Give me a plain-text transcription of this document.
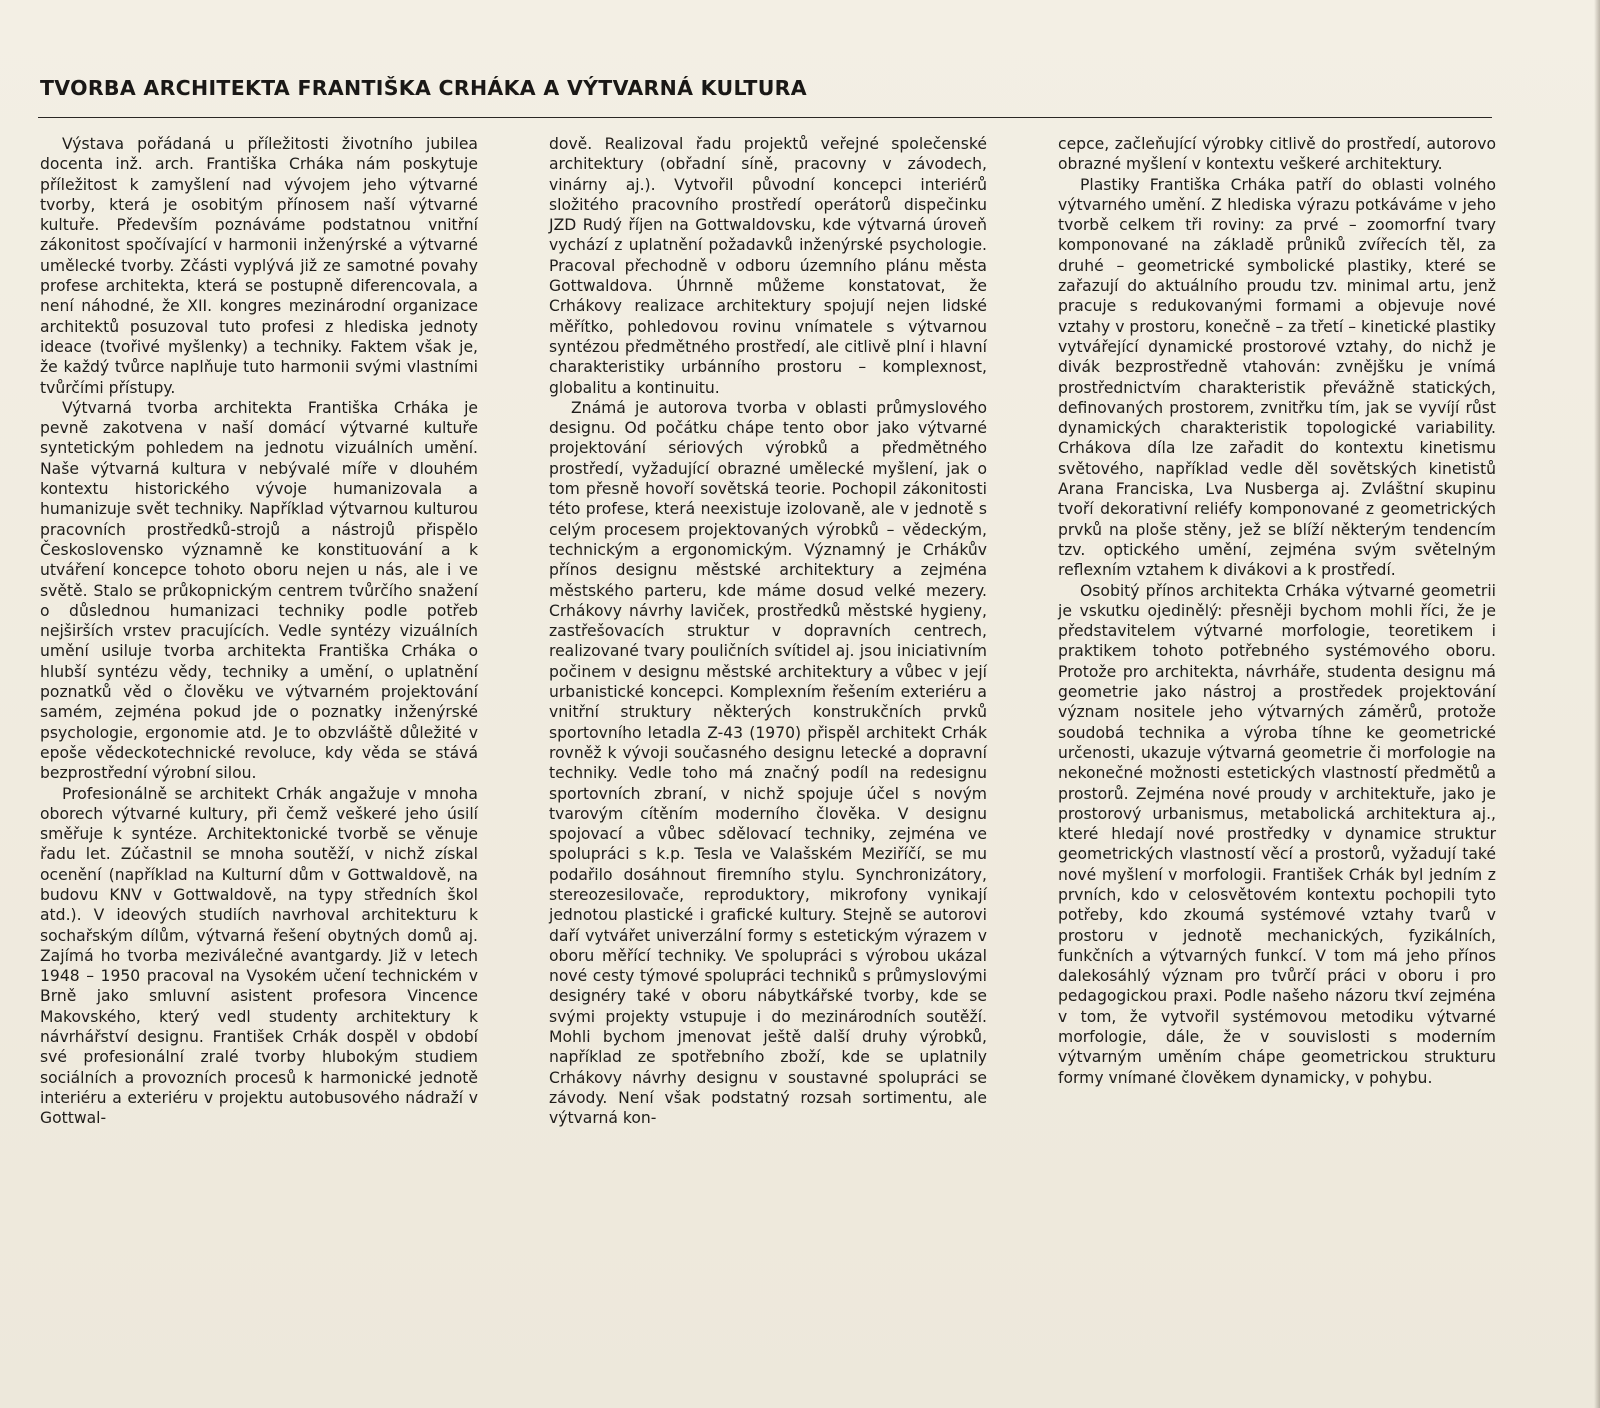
TVORBA ARCHITEKTA FRANTIŠKA CRHÁKA A VÝTVARNÁ KULTURA

Výstava pořádaná u příležitosti životního jubilea docenta inž. arch. Františka Crháka nám poskytuje příležitost k zamyšlení nad vývojem jeho výtvarné tvorby, která je osobitým přínosem naší výtvarné kultuře. Především poznáváme podstatnou vnitřní zákonitost spočívající v harmonii inženýrské a výtvarné umělecké tvorby. Zčásti vyplývá již ze samotné povahy profese architekta, která se postupně diferencovala, a není náhodné, že XII. kongres mezinárodní organizace architektů posuzoval tuto profesi z hlediska jednoty ideace (tvořivé myšlenky) a techniky. Faktem však je, že každý tvůrce naplňuje tuto harmonii svými vlastními tvůrčími přístupy.

Výtvarná tvorba architekta Františka Crháka je pevně zakotvena v naší domácí výtvarné kultuře syntetickým pohledem na jednotu vizuálních umění. Naše výtvarná kultura v nebývalé míře v dlouhém kontextu historického vývoje humanizovala a humanizuje svět techniky. Například výtvarnou kulturou pracovních prostředků-strojů a nástrojů přispělo Československo významně ke konstituování a k utváření koncepce tohoto oboru nejen u nás, ale i ve světě. Stalo se průkopnickým centrem tvůrčího snažení o důslednou humanizaci techniky podle potřeb nejširších vrstev pracujících. Vedle syntézy vizuálních umění usiluje tvorba architekta Františka Crháka o hlubší syntézu vědy, techniky a umění, o uplatnění poznatků věd o člověku ve výtvarném projektování samém, zejména pokud jde o poznatky inženýrské psychologie, ergonomie atd. Je to obzvláště důležité v epoše vědeckotechnické revoluce, kdy věda se stává bezprostřední výrobní silou.

Profesionálně se architekt Crhák angažuje v mnoha oborech výtvarné kultury, při čemž veškeré jeho úsilí směřuje k syntéze. Architektonické tvorbě se věnuje řadu let. Zúčastnil se mnoha soutěží, v nichž získal ocenění (například na Kulturní dům v Gottwaldově, na budovu KNV v Gottwaldově, na typy středních škol atd.). V ideových studiích navrhoval architekturu k sochařským dílům, výtvarná řešení obytných domů aj. Zajímá ho tvorba meziválečné avantgardy. Již v letech 1948 – 1950 pracoval na Vysokém učení technickém v Brně jako smluvní asistent profesora Vincence Makovského, který vedl studenty architektury k návrhářství designu. František Crhák dospěl v období své profesionální zralé tvorby hlubokým studiem sociálních a provozních procesů k harmonické jednotě interiéru a exteriéru v projektu autobusového nádraží v Gottwal-

dově. Realizoval řadu projektů veřejné společenské architektury (obřadní síně, pracovny v závodech, vinárny aj.). Vytvořil původní koncepci interiérů složitého pracovního prostředí operátorů dispečinku JZD Rudý říjen na Gottwaldovsku, kde výtvarná úroveň vychází z uplatnění požadavků inženýrské psychologie. Pracoval přechodně v odboru územního plánu města Gottwaldova. Úhrnně můžeme konstatovat, že Crhákovy realizace architektury spojují nejen lidské měřítko, pohledovou rovinu vnímatele s výtvarnou syntézou předmětného prostředí, ale citlivě plní i hlavní charakteristiky urbánního prostoru – komplexnost, globalitu a kontinuitu.

Známá je autorova tvorba v oblasti průmyslového designu. Od počátku chápe tento obor jako výtvarné projektování sériových výrobků a předmětného prostředí, vyžadující obrazné umělecké myšlení, jak o tom přesně hovoří sovětská teorie. Pochopil zákonitosti této profese, která neexistuje izolovaně, ale v jednotě s celým procesem projektovaných výrobků – vědeckým, technickým a ergonomickým. Významný je Crhákův přínos designu městské architektury a zejména městského parteru, kde máme dosud velké mezery. Crhákovy návrhy laviček, prostředků městské hygieny, zastřešovacích struktur v dopravních centrech, realizované tvary pouličních svítidel aj. jsou iniciativním počinem v designu městské architektury a vůbec v její urbanistické koncepci. Komplexním řešením exteriéru a vnitřní struktury některých konstrukčních prvků sportovního letadla Z-43 (1970) přispěl architekt Crhák rovněž k vývoji současného designu letecké a dopravní techniky. Vedle toho má značný podíl na redesignu sportovních zbraní, v nichž spojuje účel s novým tvarovým cítěním moderního člověka. V designu spojovací a vůbec sdělovací techniky, zejména ve spolupráci s k.p. Tesla ve Valašském Meziříčí, se mu podařilo dosáhnout firemního stylu. Synchronizátory, stereozesilovače, reproduktory, mikrofony vynikají jednotou plastické i grafické kultury. Stejně se autorovi daří vytvářet univerzální formy s estetickým výrazem v oboru měřící techniky. Ve spolupráci s výrobou ukázal nové cesty týmové spolupráci techniků s průmyslovými designéry také v oboru nábytkářské tvorby, kde se svými projekty vstupuje i do mezinárodních soutěží. Mohli bychom jmenovat ještě další druhy výrobků, například ze spotřebního zboží, kde se uplatnily Crhákovy návrhy designu v soustavné spolupráci se závody. Není však podstatný rozsah sortimentu, ale výtvarná kon-

cepce, začleňující výrobky citlivě do prostředí, autorovo obrazné myšlení v kontextu veškeré architektury.

Plastiky Františka Crháka patří do oblasti volného výtvarného umění. Z hlediska výrazu potkáváme v jeho tvorbě celkem tři roviny: za prvé – zoomorfní tvary komponované na základě průniků zvířecích těl, za druhé – geometrické symbolické plastiky, které se zařazují do aktuálního proudu tzv. minimal artu, jenž pracuje s redukovanými formami a objevuje nové vztahy v prostoru, konečně – za třetí – kinetické plastiky vytvářející dynamické prostorové vztahy, do nichž je divák bezprostředně vtahován: zvnějšku je vnímá prostřednictvím charakteristik převážně statických, definovaných prostorem, zvnitřku tím, jak se vyvíjí růst dynamických charakteristik topologické variability. Crhákova díla lze zařadit do kontextu kinetismu světového, například vedle děl sovětských kinetistů Arana Franciska, Lva Nusberga aj. Zvláštní skupinu tvoří dekorativní reliéfy komponované z geometrických prvků na ploše stěny, jež se blíží některým tendencím tzv. optického umění, zejména svým světelným reflexním vztahem k divákovi a k prostředí.

Osobitý přínos architekta Crháka výtvarné geometrii je vskutku ojedinělý: přesněji bychom mohli říci, že je představitelem výtvarné morfologie, teoretikem i praktikem tohoto potřebného systémového oboru. Protože pro architekta, návrháře, studenta designu má geometrie jako nástroj a prostředek projektování význam nositele jeho výtvarných záměrů, protože soudobá technika a výroba tíhne ke geometrické určenosti, ukazuje výtvarná geometrie či morfologie na nekonečné možnosti estetických vlastností předmětů a prostorů. Zejména nové proudy v architektuře, jako je prostorový urbanismus, metabolická architektura aj., které hledají nové prostředky v dynamice struktur geometrických vlastností věcí a prostorů, vyžadují také nové myšlení v morfologii. František Crhák byl jedním z prvních, kdo v celosvětovém kontextu pochopili tyto potřeby, kdo zkoumá systémové vztahy tvarů v prostoru v jednotě mechanických, fyzikálních, funkčních a výtvarných funkcí. V tom má jeho přínos dalekosáhlý význam pro tvůrčí práci v oboru i pro pedagogickou praxi. Podle našeho názoru tkví zejména v tom, že vytvořil systémovou metodiku výtvarné morfologie, dále, že v souvislosti s moderním výtvarným uměním chápe geometrickou strukturu formy vnímané člověkem dynamicky, v pohybu.
